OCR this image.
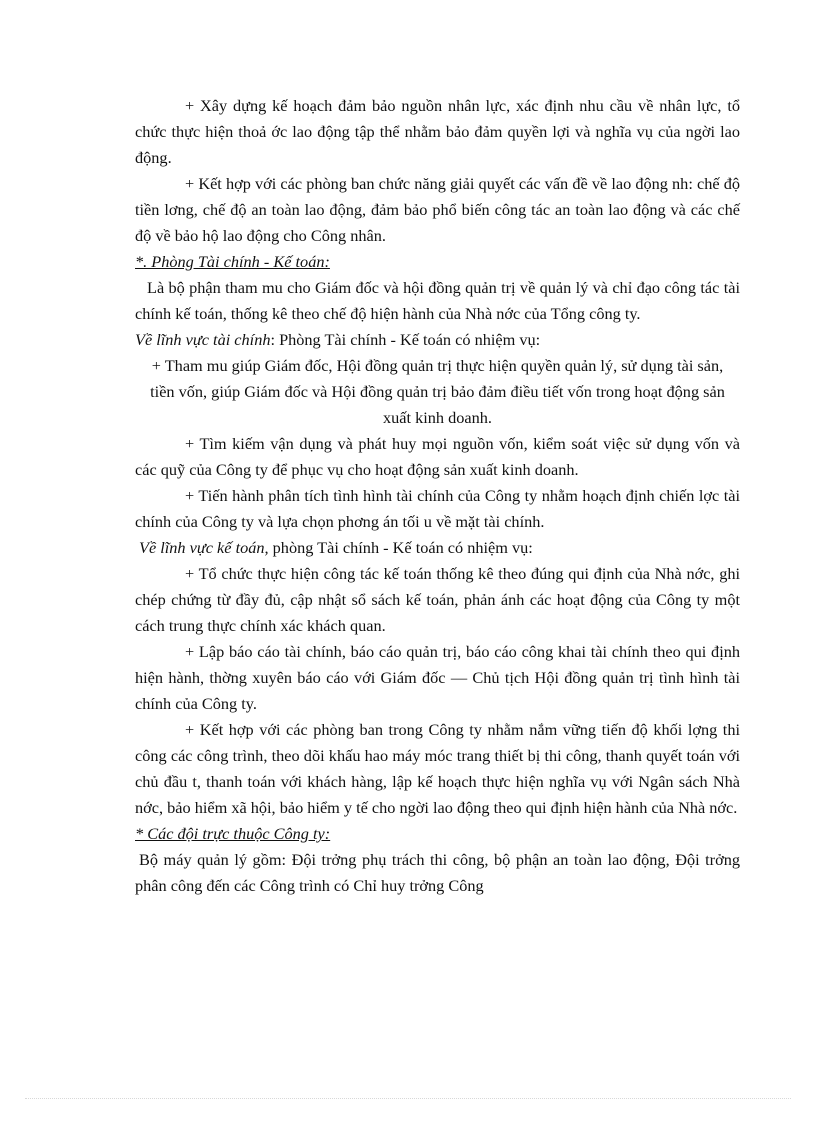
+ Xây dựng kế hoạch đảm bảo nguồn nhân lực, xác định nhu cầu về nhân lực, tổ chức thực hiện thoả ớc lao động tập thể nhằm bảo đảm quyền lợi và nghĩa vụ của ngời lao động.

+ Kết hợp với các phòng ban chức năng giải quyết các vấn đề về lao động nh: chế độ tiền lơng, chế độ an toàn lao động, đảm bảo phổ biến công tác an toàn lao động và các chế độ về bảo hộ lao động cho Công nhân.

*. Phòng Tài chính - Kế toán:

Là bộ phận tham mu cho Giám đốc và hội đồng quản trị về quản lý và chỉ đạo công tác tài chính kế toán, thống kê theo chế độ hiện hành của Nhà nớc của Tổng công ty.

Về lĩnh vực tài chính: Phòng Tài chính - Kế toán có nhiệm vụ:

+ Tham mu giúp Giám đốc, Hội đồng quản trị thực hiện quyền quản lý, sử dụng tài sản, tiền vốn, giúp Giám đốc và Hội đồng quản trị bảo đảm điều tiết vốn trong hoạt động sản xuất kinh doanh.

+ Tìm kiếm vận dụng và phát huy mọi nguồn vốn, kiểm soát việc sử dụng vốn và các quỹ của Công ty để phục vụ cho hoạt động sản xuất kinh doanh.

+ Tiến hành phân tích tình hình tài chính của Công ty nhằm hoạch định chiến lợc tài chính của Công ty và lựa chọn phơng án tối u về mặt tài chính.

Về lĩnh vực kế toán, phòng Tài chính - Kế toán có nhiệm vụ:

+ Tổ chức thực hiện công tác kế toán thống kê theo đúng qui định của Nhà nớc, ghi chép chứng từ đầy đủ, cập nhật sổ sách kế toán, phản ánh các hoạt động của Công ty một cách trung thực chính xác khách quan.

+ Lập báo cáo tài chính, báo cáo quản trị, báo cáo công khai tài chính theo qui định hiện hành, thờng xuyên báo cáo với Giám đốc — Chủ tịch Hội đồng quản trị tình hình tài chính của Công ty.

+ Kết hợp với các phòng ban trong Công ty nhằm nắm vững tiến độ khối lợng thi công các công trình, theo dõi khấu hao máy móc trang thiết bị thi công, thanh quyết toán với chủ đầu t, thanh toán với khách hàng, lập kế hoạch thực hiện nghĩa vụ với Ngân sách Nhà nớc, bảo hiểm xã hội, bảo hiểm y tế cho ngời lao động theo qui định hiện hành của Nhà nớc.

* Các đội trực thuộc Công ty:

Bộ máy quản lý gồm: Đội trởng phụ trách thi công, bộ phận an toàn lao động, Đội trởng phân công đến các Công trình có Chỉ huy trởng Công
